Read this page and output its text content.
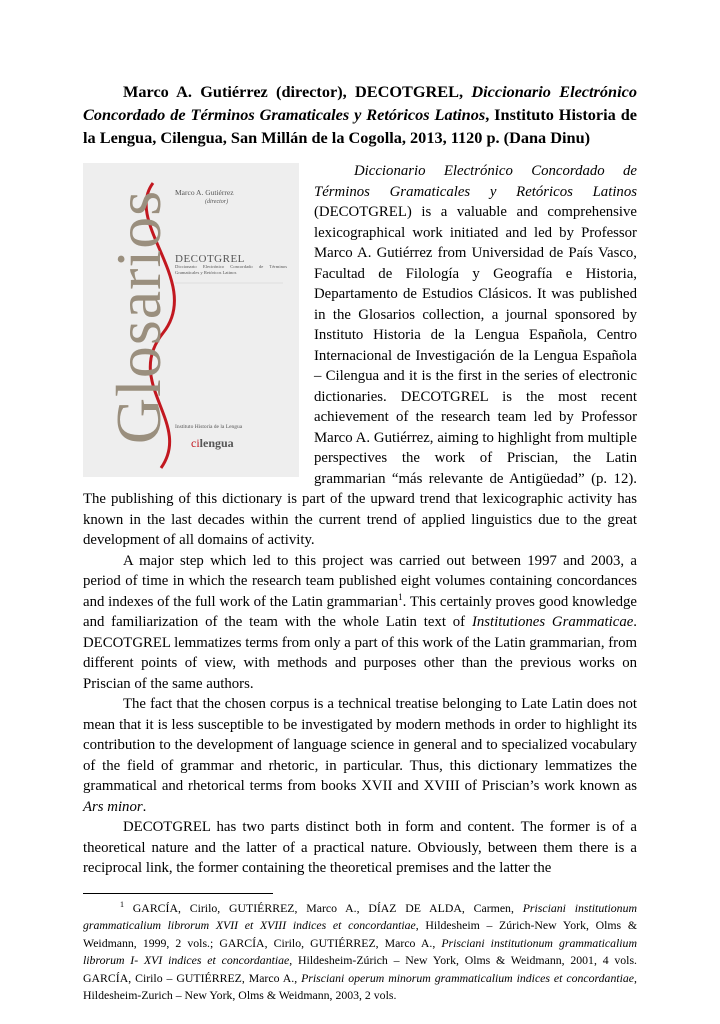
Marco A. Gutiérrez (director), DECOTGREL, Diccionario Electrónico Concordado de Términos Gramaticales y Retóricos Latinos, Instituto Historia de la Lengua, Cilengua, San Millán de la Cogolla, 2013, 1120 p. (Dana Dinu)

Glosarios Marco A. Gutiérrez
(director)
DECOTGREL
Diccionario Electrónico Concordado de Términos Gramaticales y Retóricos Latinos
Instituto Historia de la Lengua
cilengua

Diccionario Electrónico Concordado de Términos Gramaticales y Retóricos Latinos (DECOTGREL) is a valuable and comprehensive lexicographical work initiated and led by Professor Marco A. Gutiérrez from Universidad de País Vasco, Facultad de Filología y Geografía e Historia, Departamento de Estudios Clásicos. It was published in the Glosarios collection, a journal sponsored by Instituto Historia de la Lengua Española, Centro Internacional de Investigación de la Lengua Española – Cilengua and it is the first in the series of electronic dictionaries. DECOTGREL is the most recent achievement of the research team led by Professor Marco A. Gutiérrez, aiming to highlight from multiple perspectives the work of Priscian, the Latin grammarian “más relevante de Antigüedad” (p. 12). The publishing of this dictionary is part of the upward trend that lexicographic activity has known in the last decades within the current trend of applied linguistics due to the great development of all domains of activity.

A major step which led to this project was carried out between 1997 and 2003, a period of time in which the research team published eight volumes containing concordances and indexes of the full work of the Latin grammarian$^1$. This certainly proves good knowledge and familiarization of the team with the whole Latin text of Institutiones Grammaticae. DECOTGREL lemmatizes terms from only a part of this work of the Latin grammarian, from different points of view, with methods and purposes other than the previous works on Priscian of the same authors.

The fact that the chosen corpus is a technical treatise belonging to Late Latin does not mean that it is less susceptible to be investigated by modern methods in order to highlight its contribution to the development of language science in general and to specialized vocabulary of the field of grammar and rhetoric, in particular. Thus, this dictionary lemmatizes the grammatical and rhetorical terms from books XVII and XVIII of Priscian’s work known as Ars minor.

DECOTGREL has two parts distinct both in form and content. The former is of a theoretical nature and the latter of a practical nature. Obviously, between them there is a reciprocal link, the former containing the theoretical premises and the latter the

$^1$ GARCÍA, Cirilo, GUTIÉRREZ, Marco A., DÍAZ DE ALDA, Carmen, Prisciani institutionum grammaticalium librorum XVII et XVIII indices et concordantiae, Hildesheim – Zúrich-New York, Olms & Weidmann, 1999, 2 vols.; GARCÍA, Cirilo, GUTIÉRREZ, Marco A., Prisciani institutionum grammaticalium librorum I- XVI indices et concordantiae, Hildesheim-Zúrich – New York, Olms & Weidmann, 2001, 4 vols. GARCÍA, Cirilo – GUTIÉRREZ, Marco A., Prisciani operum minorum grammaticalium indices et concordantiae, Hildesheim-Zurich – New York, Olms & Weidmann, 2003, 2 vols.
